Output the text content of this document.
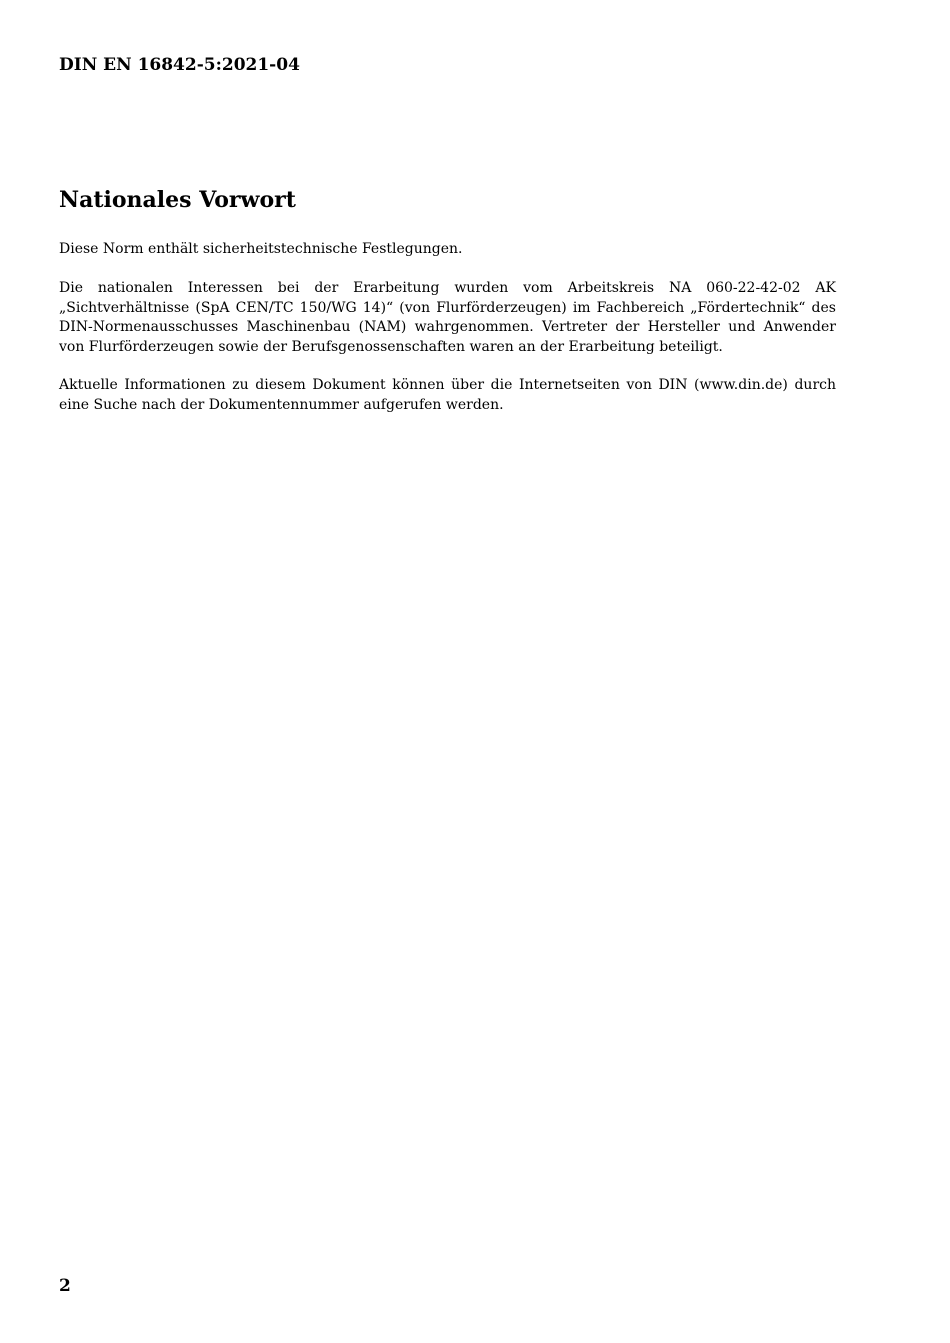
DIN EN 16842-5:2021-04
Nationales Vorwort

Diese Norm enthält sicherheitstechnische Festlegungen.

Die nationalen Interessen bei der Erarbeitung wurden vom Arbeitskreis NA 060-22-42-02 AK

„Sichtverhältnisse (SpA CEN/TC 150/WG 14)“ (von Flurförderzeugen) im Fachbereich „Fördertechnik“ des

DIN-Normenausschusses Maschinenbau (NAM) wahrgenommen. Vertreter der Hersteller und Anwender

von Flurförderzeugen sowie der Berufsgenossenschaften waren an der Erarbeitung beteiligt.

Aktuelle Informationen zu diesem Dokument können über die Internetseiten von DIN (www.din.de) durch

eine Suche nach der Dokumentennummer aufgerufen werden.

2
